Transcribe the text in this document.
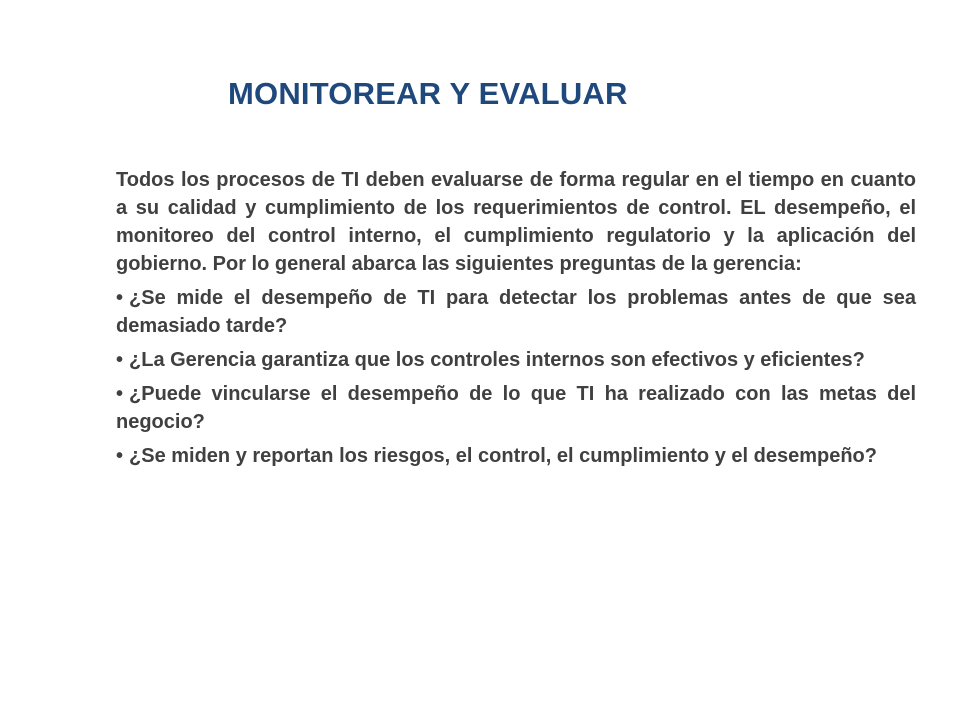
MONITOREAR Y EVALUAR

Todos los procesos de TI deben evaluarse de forma regular en el tiempo en cuanto a su calidad y cumplimiento de los requerimientos de control. EL desempeño, el monitoreo del control interno, el cumplimiento regulatorio y la aplicación del gobierno. Por lo general abarca las siguientes preguntas de la gerencia:

• ¿Se mide el desempeño de TI para detectar los problemas antes de que sea demasiado tarde?

• ¿La Gerencia garantiza que los controles internos son efectivos y eficientes?

• ¿Puede vincularse el desempeño de lo que TI ha realizado con las metas del negocio?

• ¿Se miden y reportan los riesgos, el control, el cumplimiento y el desempeño?
